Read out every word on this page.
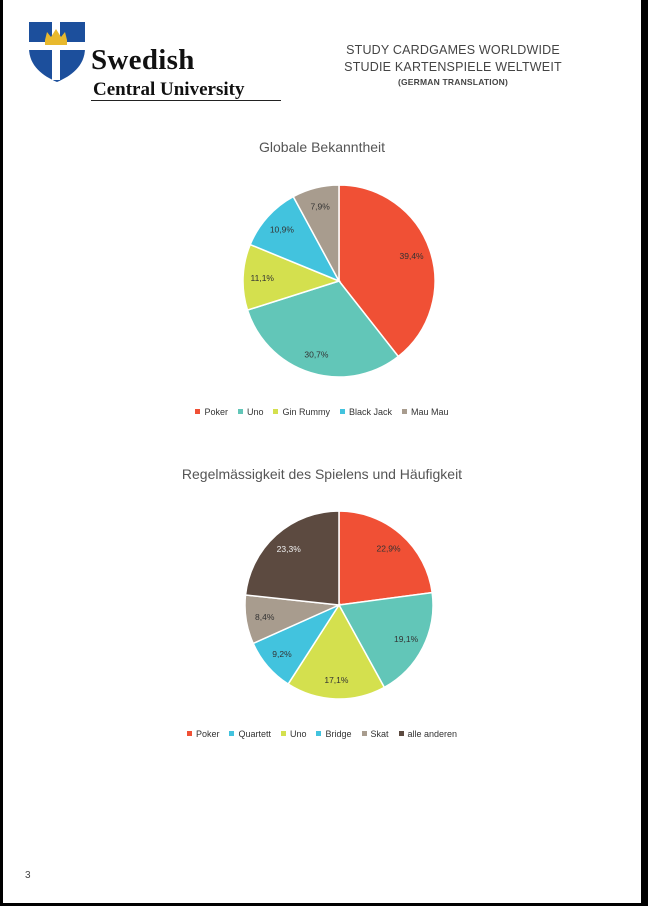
Swedish
Central University
STUDY CARDGAMES WORLDWIDE
STUDIE KARTENSPIELE WELTWEIT
(GERMAN TRANSLATION)
Globale Bekanntheit
39,4%
30,7%
11,1%
10,9%
7,9%
Poker Uno Gin Rummy Black Jack Mau Mau
Regelmässigkeit des Spielens und Häufigkeit
22,9%
19,1%
17,1%
9,2%
8,4%
23,3%
Poker Quartett Uno Bridge Skat alle anderen
3
